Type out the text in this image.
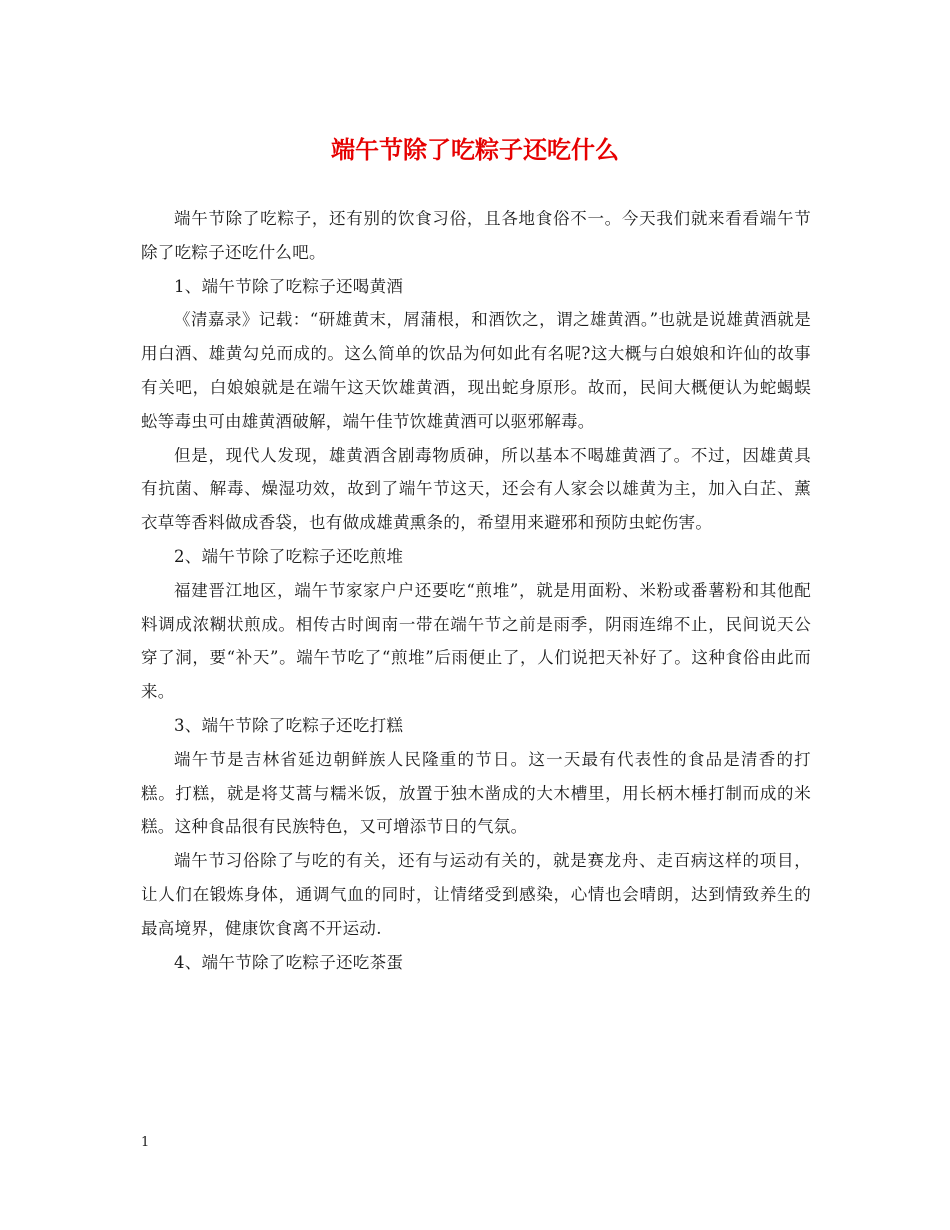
端午节除了吃粽子还吃什么

端午节除了吃粽子，还有别的饮食习俗，且各地食俗不一。今天我们就来看看端午节除了吃粽子还吃什么吧。

1、端午节除了吃粽子还喝黄酒

《清嘉录》记载：“研雄黄末，屑蒲根，和酒饮之，谓之雄黄酒。”也就是说雄黄酒就是用白酒、雄黄勾兑而成的。这么简单的饮品为何如此有名呢?这大概与白娘娘和许仙的故事有关吧，白娘娘就是在端午这天饮雄黄酒，现出蛇身原形。故而，民间大概便认为蛇蝎蜈蚣等毒虫可由雄黄酒破解，端午佳节饮雄黄酒可以驱邪解毒。

但是，现代人发现，雄黄酒含剧毒物质砷，所以基本不喝雄黄酒了。不过，因雄黄具有抗菌、解毒、燥湿功效，故到了端午节这天，还会有人家会以雄黄为主，加入白芷、薰衣草等香料做成香袋，也有做成雄黄熏条的，希望用来避邪和预防虫蛇伤害。

2、端午节除了吃粽子还吃煎堆

福建晋江地区，端午节家家户户还要吃“煎堆”，就是用面粉、米粉或番薯粉和其他配料调成浓糊状煎成。相传古时闽南一带在端午节之前是雨季，阴雨连绵不止，民间说天公穿了洞，要“补天”。端午节吃了“煎堆”后雨便止了，人们说把天补好了。这种食俗由此而来。

3、端午节除了吃粽子还吃打糕

端午节是吉林省延边朝鲜族人民隆重的节日。这一天最有代表性的食品是清香的打糕。打糕，就是将艾蒿与糯米饭，放置于独木凿成的大木槽里，用长柄木棰打制而成的米糕。这种食品很有民族特色，又可增添节日的气氛。

端午节习俗除了与吃的有关，还有与运动有关的，就是赛龙舟、走百病这样的项目，让人们在锻炼身体，通调气血的同时，让情绪受到感染，心情也会晴朗，达到情致养生的最高境界，健康饮食离不开运动.

4、端午节除了吃粽子还吃茶蛋

1
